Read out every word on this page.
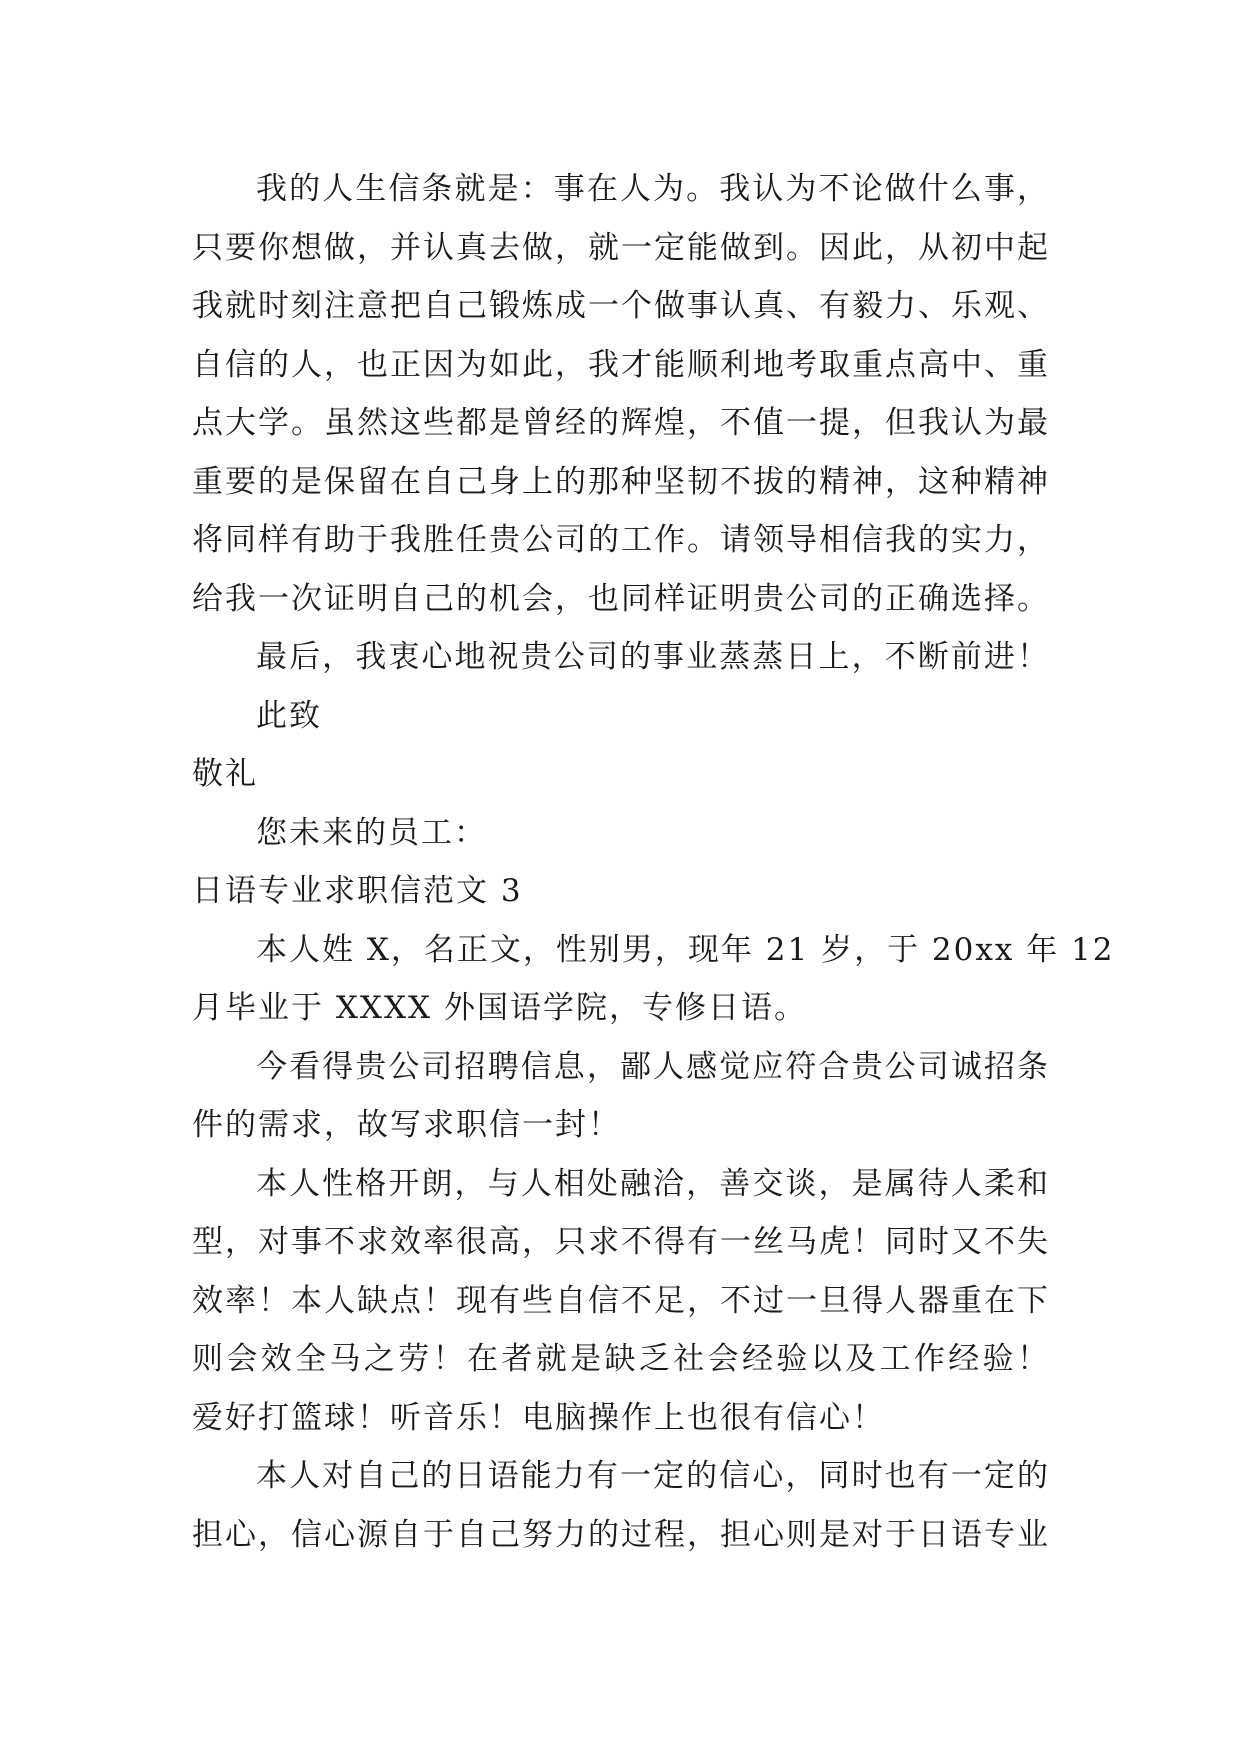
我的人生信条就是：事在人为。我认为不论做什么事，
只要你想做，并认真去做，就一定能做到。因此，从初中起
我就时刻注意把自己锻炼成一个做事认真、有毅力、乐观、
自信的人，也正因为如此，我才能顺利地考取重点高中、重
点大学。虽然这些都是曾经的辉煌，不值一提，但我认为最
重要的是保留在自己身上的那种坚韧不拔的精神，这种精神
将同样有助于我胜任贵公司的工作。请领导相信我的实力，
给我一次证明自己的机会，也同样证明贵公司的正确选择。
最后，我衷心地祝贵公司的事业蒸蒸日上，不断前进！
此致
敬礼
您未来的员工：
日语专业求职信范文 3
本人姓 X，名正文，性别男，现年 21 岁，于 20xx 年 12
月毕业于 XXXX 外国语学院，专修日语。
今看得贵公司招聘信息，鄙人感觉应符合贵公司诚招条
件的需求，故写求职信一封！
本人性格开朗，与人相处融洽，善交谈，是属待人柔和
型，对事不求效率很高，只求不得有一丝马虎！同时又不失
效率！本人缺点！现有些自信不足，不过一旦得人器重在下
则会效全马之劳！在者就是缺乏社会经验以及工作经验！
爱好打篮球！听音乐！电脑操作上也很有信心！
本人对自己的日语能力有一定的信心，同时也有一定的
担心，信心源自于自己努力的过程，担心则是对于日语专业
